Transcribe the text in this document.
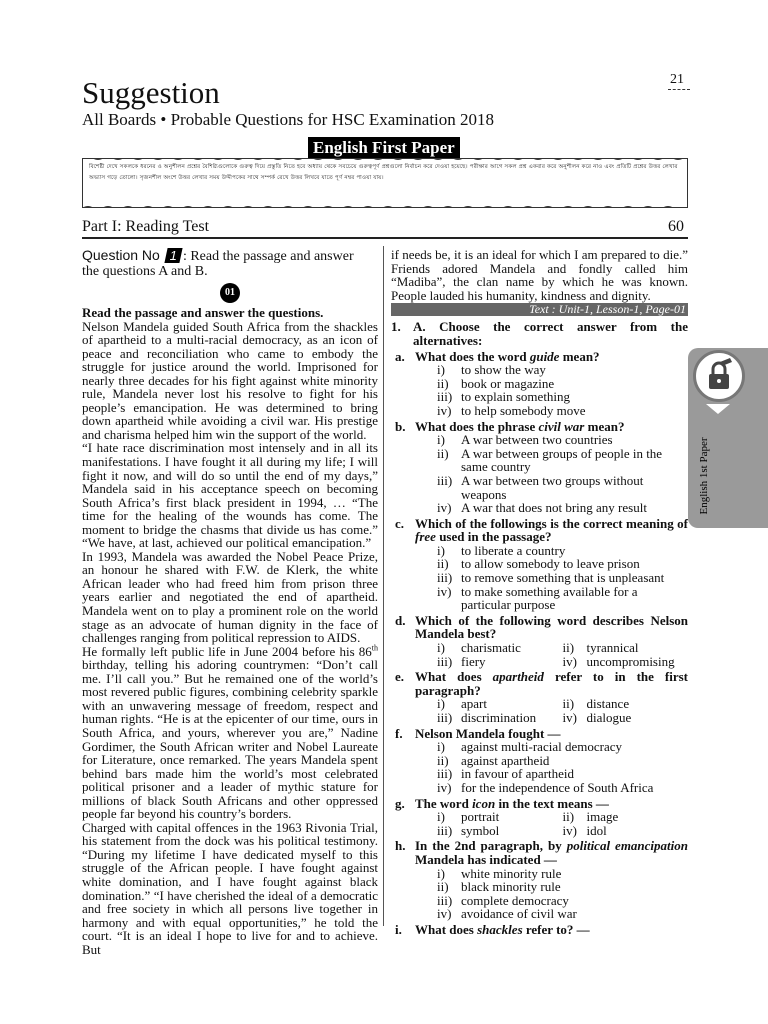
21
Suggestion
All Boards • Probable Questions for HSC Examination 2018
English First Paper
বিশেষ্টী দেখে সকলকে ধরনের ও অনুশীলন প্রশ্নের বৈশিষ্ট্যগুলোকে গুরুত্ব দিয়ে প্রস্তুতি নিতে হবে অধ্যায় থেকে সবচেয়ে গুরুত্বপূর্ণ প্রশ্নগুলো নির্বাচন করে দেওয়া হয়েছে। পরীক্ষার আগে সকল প্রশ্ন একবার করে অনুশীলন করে নাও এবং প্রতিটি প্রশ্নের উত্তর লেখার অভ্যাস গড়ে তোলো। সৃজনশীল অংশে উত্তর লেখার সময় উদ্দীপকের সাথে সম্পর্ক রেখে উত্তর লিখবে যাতে পূর্ণ নম্বর পাওয়া যায়।
Part I: Reading Test	60
Question No 1 : Read the passage and answer
the questions A and B.
01

Read the passage and answer the questions.

Nelson Mandela guided South Africa from the shackles of apartheid to a multi-racial democracy, as an icon of peace and reconciliation who came to embody the struggle for justice around the world. Imprisoned for nearly three decades for his fight against white minority rule, Mandela never lost his resolve to fight for his people’s emancipation. He was determined to bring down apartheid while avoiding a civil war. His prestige and charisma helped him win the support of the world.

“I hate race discrimination most intensely and in all its manifestations. I have fought it all during my life; I will fight it now, and will do so until the end of my days,” Mandela said in his acceptance speech on becoming South Africa’s first black president in 1994, … “The time for the healing of the wounds has come. The moment to bridge the chasms that divide us has come.” “We have, at last, achieved our political emancipation.”

In 1993, Mandela was awarded the Nobel Peace Prize, an honour he shared with F.W. de Klerk, the white African leader who had freed him from prison three years earlier and negotiated the end of apartheid. Mandela went on to play a prominent role on the world stage as an advocate of human dignity in the face of challenges ranging from political repression to AIDS.

He formally left public life in June 2004 before his 86th birthday, telling his adoring countrymen: “Don’t call me. I’ll call you.” But he remained one of the world’s most revered public figures, combining celebrity sparkle with an unwavering message of freedom, respect and human rights. “He is at the epicenter of our time, ours in South Africa, and yours, wherever you are,” Nadine Gordimer, the South African writer and Nobel Laureate for Literature, once remarked. The years Mandela spent behind bars made him the world’s most celebrated political prisoner and a leader of mythic stature for millions of black South Africans and other oppressed people far beyond his country’s borders.

Charged with capital offences in the 1963 Rivonia Trial, his statement from the dock was his political testimony. “During my lifetime I have dedicated myself to this struggle of the African people. I have fought against white domination, and I have fought against black domination.” “I have cherished the ideal of a democratic and free society in which all persons live together in harmony and with equal opportunities,” he told the court. “It is an ideal I hope to live for and to achieve. But

if needs be, it is an ideal for which I am prepared to die.” Friends adored Mandela and fondly called him “Madiba”, the clan name by which he was known. People lauded his humanity, kindness and dignity.
Text : Unit-1, Lesson-1, Page-01
1. A. Choose the correct answer from the alternatives:
a. What does the word guide mean?
i)	to show the way
ii) book or magazine
iii) to explain something
iv) to help somebody move
b. What does the phrase civil war mean?
i)	A war between two countries
ii) A war between groups of people in the same country
iii) A war between two groups without weapons
iv) A war that does not bring any result
c. Which of the followings is the correct meaning of free used in the passage?
i)	to liberate a country
ii) to allow somebody to leave prison
iii) to remove something that is unpleasant
iv) to make something available for a particular purpose
d. Which of the following word describes Nelson Mandela best?
i)	charismatic	ii) tyrannical
iii) fiery	iv) uncompromising
e. What does apartheid refer to in the first paragraph?
i)	apart	ii) distance
iii) discrimination iv) dialogue
f. Nelson Mandela fought —
i)	against multi-racial democracy
ii) against apartheid
iii) in favour of apartheid
iv) for the independence of South Africa
g. The word icon in the text means —
i)	portrait	ii) image
iii) symbol	iv) idol
h. In the 2nd paragraph, by political emancipation Mandela has indicated —
i)	white minority rule
ii) black minority rule
iii) complete democracy
iv) avoidance of civil war
i.	What does shackles refer to? —
English 1st Paper
